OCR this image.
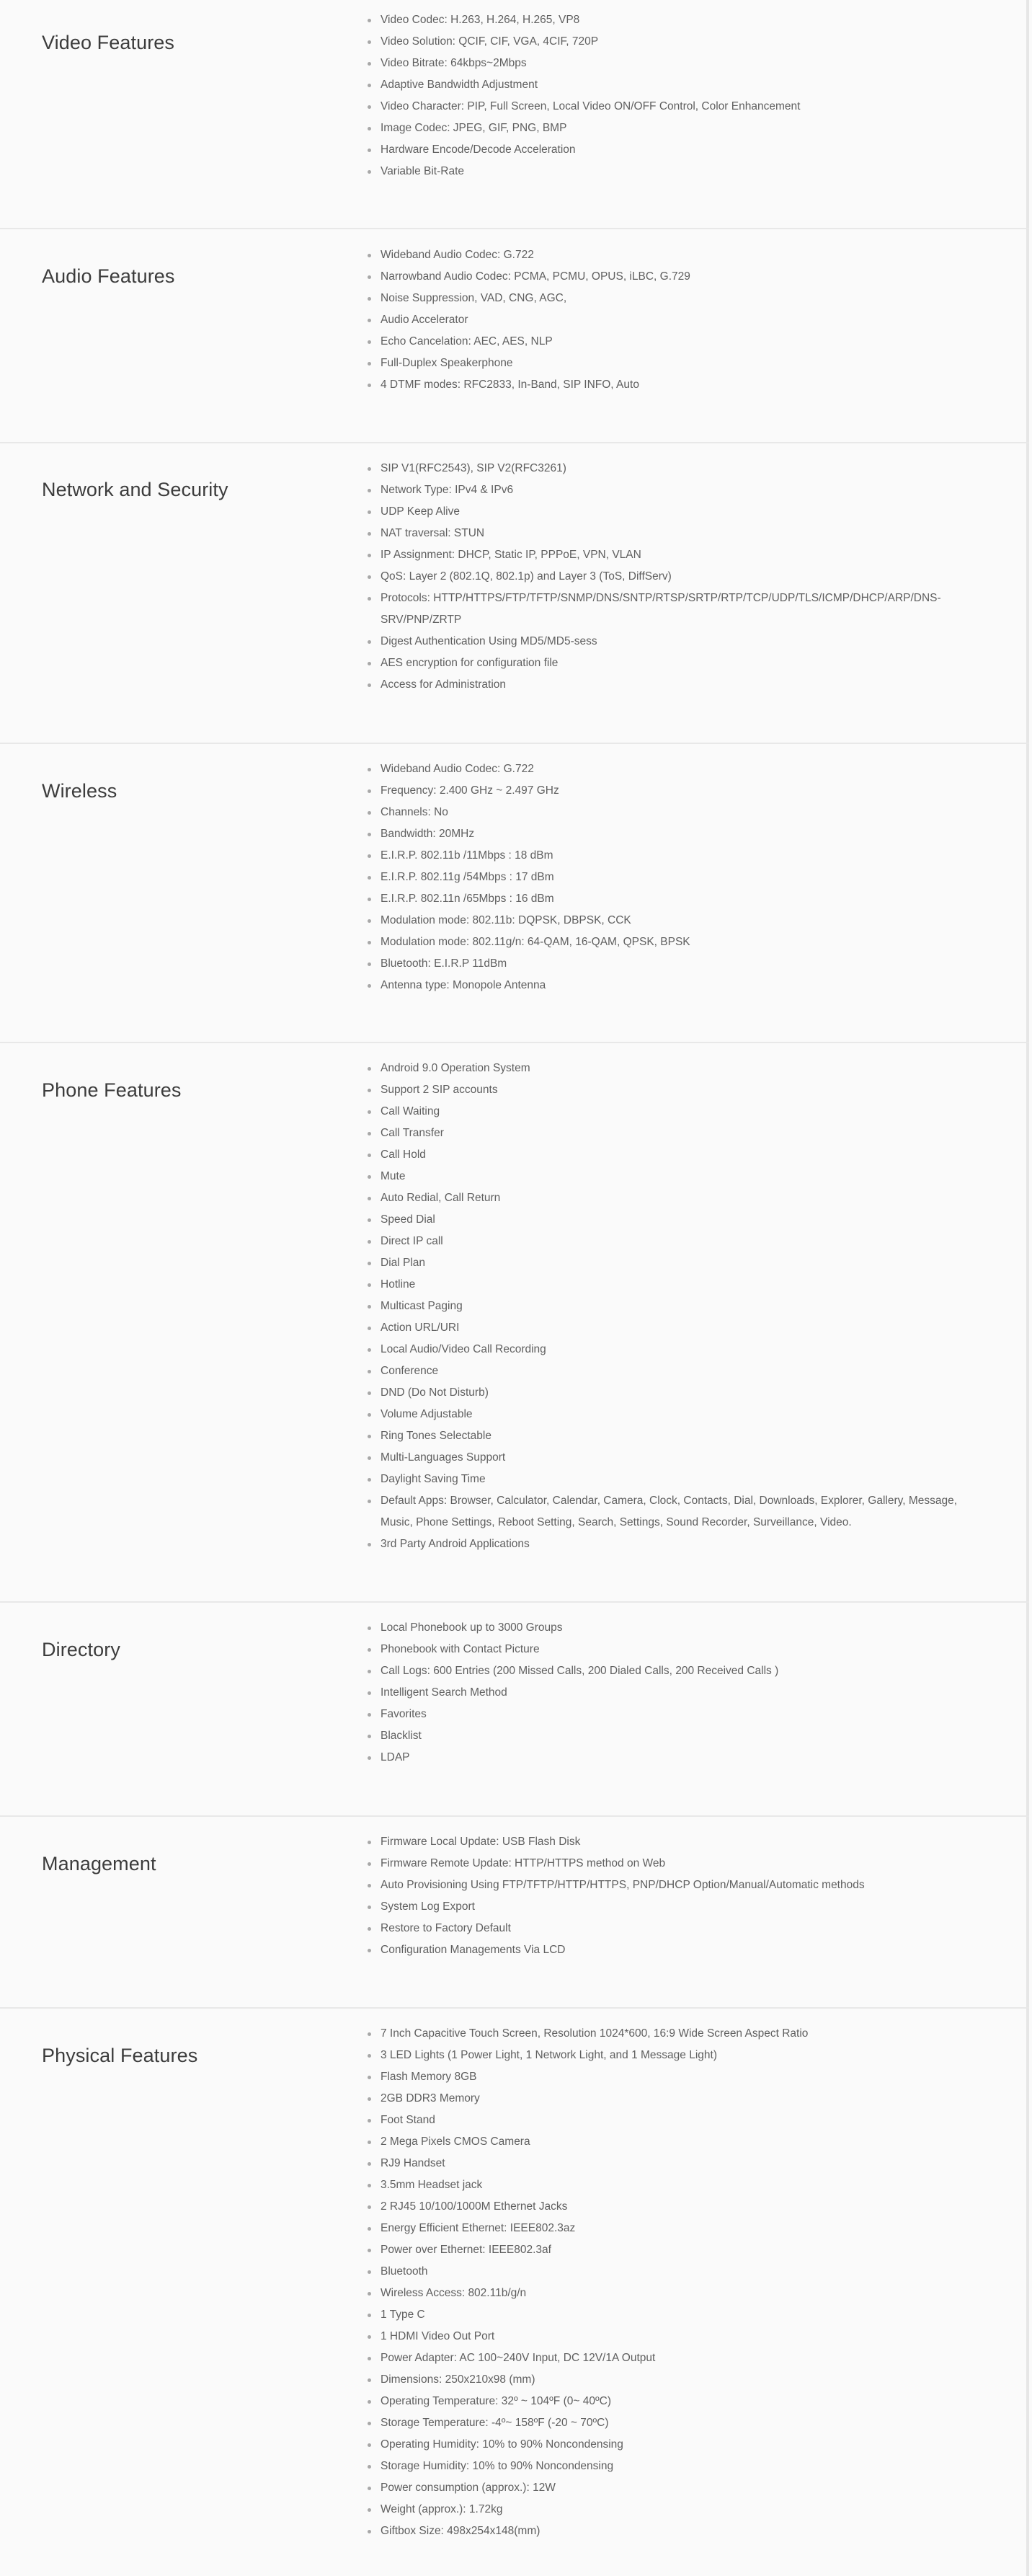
Video Features
Video Codec: H.263, H.264, H.265, VP8
Video Solution: QCIF, CIF, VGA, 4CIF, 720P
Video Bitrate: 64kbps~2Mbps
Adaptive Bandwidth Adjustment
Video Character: PIP, Full Screen, Local Video ON/OFF Control, Color Enhancement
Image Codec: JPEG, GIF, PNG, BMP
Hardware Encode/Decode Acceleration
Variable Bit-Rate
Audio Features
Wideband Audio Codec: G.722
Narrowband Audio Codec: PCMA, PCMU, OPUS, iLBC, G.729
Noise Suppression, VAD, CNG, AGC,
Audio Accelerator
Echo Cancelation: AEC, AES, NLP
Full-Duplex Speakerphone
4 DTMF modes: RFC2833, In-Band, SIP INFO, Auto
Network and Security
SIP V1(RFC2543), SIP V2(RFC3261)
Network Type: IPv4 & IPv6
UDP Keep Alive
NAT traversal: STUN
IP Assignment: DHCP, Static IP, PPPoE, VPN, VLAN
QoS: Layer 2 (802.1Q, 802.1p) and Layer 3 (ToS, DiffServ)
Protocols: HTTP/HTTPS/FTP/TFTP/SNMP/DNS/SNTP/RTSP/SRTP/RTP/TCP/UDP/TLS/ICMP/DHCP/ARP/DNS-SRV/PNP/ZRTP
Digest Authentication Using MD5/MD5-sess
AES encryption for configuration file
Access for Administration
Wireless
Wideband Audio Codec: G.722
Frequency: 2.400 GHz ~ 2.497 GHz
Channels: No
Bandwidth: 20MHz
E.I.R.P. 802.11b /11Mbps : 18 dBm
E.I.R.P. 802.11g /54Mbps : 17 dBm
E.I.R.P. 802.11n /65Mbps : 16 dBm
Modulation mode: 802.11b: DQPSK, DBPSK, CCK
Modulation mode: 802.11g/n: 64-QAM, 16-QAM, QPSK, BPSK
Bluetooth: E.I.R.P 11dBm
Antenna type: Monopole Antenna
Phone Features
Android 9.0 Operation System
Support 2 SIP accounts
Call Waiting
Call Transfer
Call Hold
Mute
Auto Redial, Call Return
Speed Dial
Direct IP call
Dial Plan
Hotline
Multicast Paging
Action URL/URI
Local Audio/Video Call Recording
Conference
DND (Do Not Disturb)
Volume Adjustable
Ring Tones Selectable
Multi-Languages Support
Daylight Saving Time
Default Apps: Browser, Calculator, Calendar, Camera, Clock, Contacts, Dial, Downloads, Explorer, Gallery, Message, Music, Phone Settings, Reboot Setting, Search, Settings, Sound Recorder, Surveillance, Video.
3rd Party Android Applications
Directory
Local Phonebook up to 3000 Groups
Phonebook with Contact Picture
Call Logs: 600 Entries (200 Missed Calls, 200 Dialed Calls, 200 Received Calls )
Intelligent Search Method
Favorites
Blacklist
LDAP
Management
Firmware Local Update: USB Flash Disk
Firmware Remote Update: HTTP/HTTPS method on Web
Auto Provisioning Using FTP/TFTP/HTTP/HTTPS, PNP/DHCP Option/Manual/Automatic methods
System Log Export
Restore to Factory Default
Configuration Managements Via LCD
Physical Features
7 Inch Capacitive Touch Screen, Resolution 1024*600, 16:9 Wide Screen Aspect Ratio
3 LED Lights (1 Power Light, 1 Network Light, and 1 Message Light)
Flash Memory 8GB
2GB DDR3 Memory
Foot Stand
2 Mega Pixels CMOS Camera
RJ9 Handset
3.5mm Headset jack
2 RJ45 10/100/1000M Ethernet Jacks
Energy Efficient Ethernet: IEEE802.3az
Power over Ethernet: IEEE802.3af
Bluetooth
Wireless Access: 802.11b/g/n
1 Type C
1 HDMI Video Out Port
Power Adapter: AC 100~240V Input, DC 12V/1A Output
Dimensions: 250x210x98 (mm)
Operating Temperature: 32º ~ 104ºF (0~ 40ºC)
Storage Temperature: -4º~ 158ºF (-20 ~ 70ºC)
Operating Humidity: 10% to 90% Noncondensing
Storage Humidity: 10% to 90% Noncondensing
Power consumption (approx.): 12W
Weight (approx.): 1.72kg
Giftbox Size: 498x254x148(mm)
